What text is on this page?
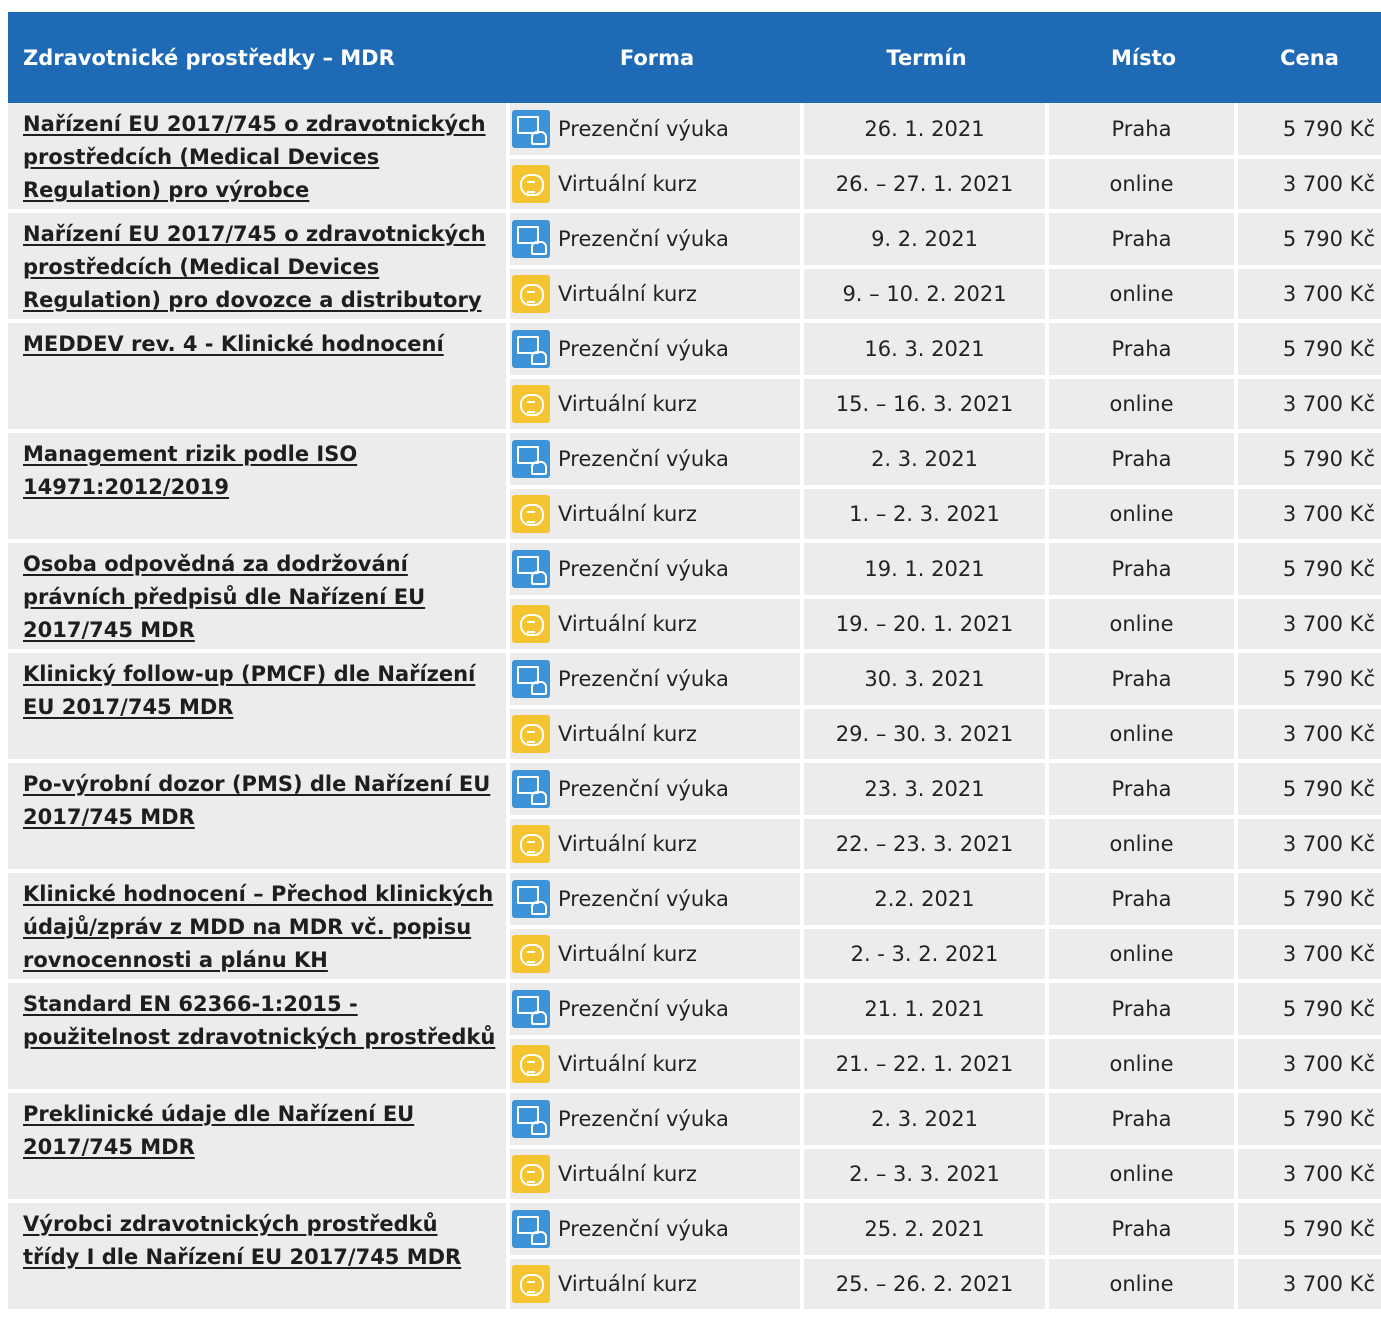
Zdravotnické prostředky – MDR	Forma	Termín	Místo	Cena
Nařízení EU 2017/745 o zdravotnických prostředcích (Medical Devices Regulation) pro výrobce	Prezenční výuka	26. 1. 2021	Praha	5 790 Kč
	Virtuální kurz	26. – 27. 1. 2021	online	3 700 Kč
Nařízení EU 2017/745 o zdravotnických prostředcích (Medical Devices Regulation) pro dovozce a distributory	Prezenční výuka	9. 2. 2021	Praha	5 790 Kč
	Virtuální kurz	9. – 10. 2. 2021	online	3 700 Kč
MEDDEV rev. 4 - Klinické hodnocení	Prezenční výuka	16. 3. 2021	Praha	5 790 Kč
	Virtuální kurz	15. – 16. 3. 2021	online	3 700 Kč
Management rizik podle ISO 14971:2012/2019	Prezenční výuka	2. 3. 2021	Praha	5 790 Kč
	Virtuální kurz	1. – 2. 3. 2021	online	3 700 Kč
Osoba odpovědná za dodržování právních předpisů dle Nařízení EU 2017/745 MDR	Prezenční výuka	19. 1. 2021	Praha	5 790 Kč
	Virtuální kurz	19. – 20. 1. 2021	online	3 700 Kč
Klinický follow-up (PMCF) dle Nařízení EU 2017/745 MDR	Prezenční výuka	30. 3. 2021	Praha	5 790 Kč
	Virtuální kurz	29. – 30. 3. 2021	online	3 700 Kč
Po-výrobní dozor (PMS) dle Nařízení EU 2017/745 MDR	Prezenční výuka	23. 3. 2021	Praha	5 790 Kč
	Virtuální kurz	22. – 23. 3. 2021	online	3 700 Kč
Klinické hodnocení – Přechod klinických údajů/zpráv z MDD na MDR vč. popisu rovnocennosti a plánu KH	Prezenční výuka	2.2. 2021	Praha	5 790 Kč
	Virtuální kurz	2. - 3. 2. 2021	online	3 700 Kč
Standard EN 62366-1:2015 - použitelnost zdravotnických prostředků	Prezenční výuka	21. 1. 2021	Praha	5 790 Kč
	Virtuální kurz	21. – 22. 1. 2021	online	3 700 Kč
Preklinické údaje dle Nařízení EU 2017/745 MDR	Prezenční výuka	2. 3. 2021	Praha	5 790 Kč
	Virtuální kurz	2. – 3. 3. 2021	online	3 700 Kč
Výrobci zdravotnických prostředků třídy I dle Nařízení EU 2017/745 MDR	Prezenční výuka	25. 2. 2021	Praha	5 790 Kč
	Virtuální kurz	25. – 26. 2. 2021	online	3 700 Kč
